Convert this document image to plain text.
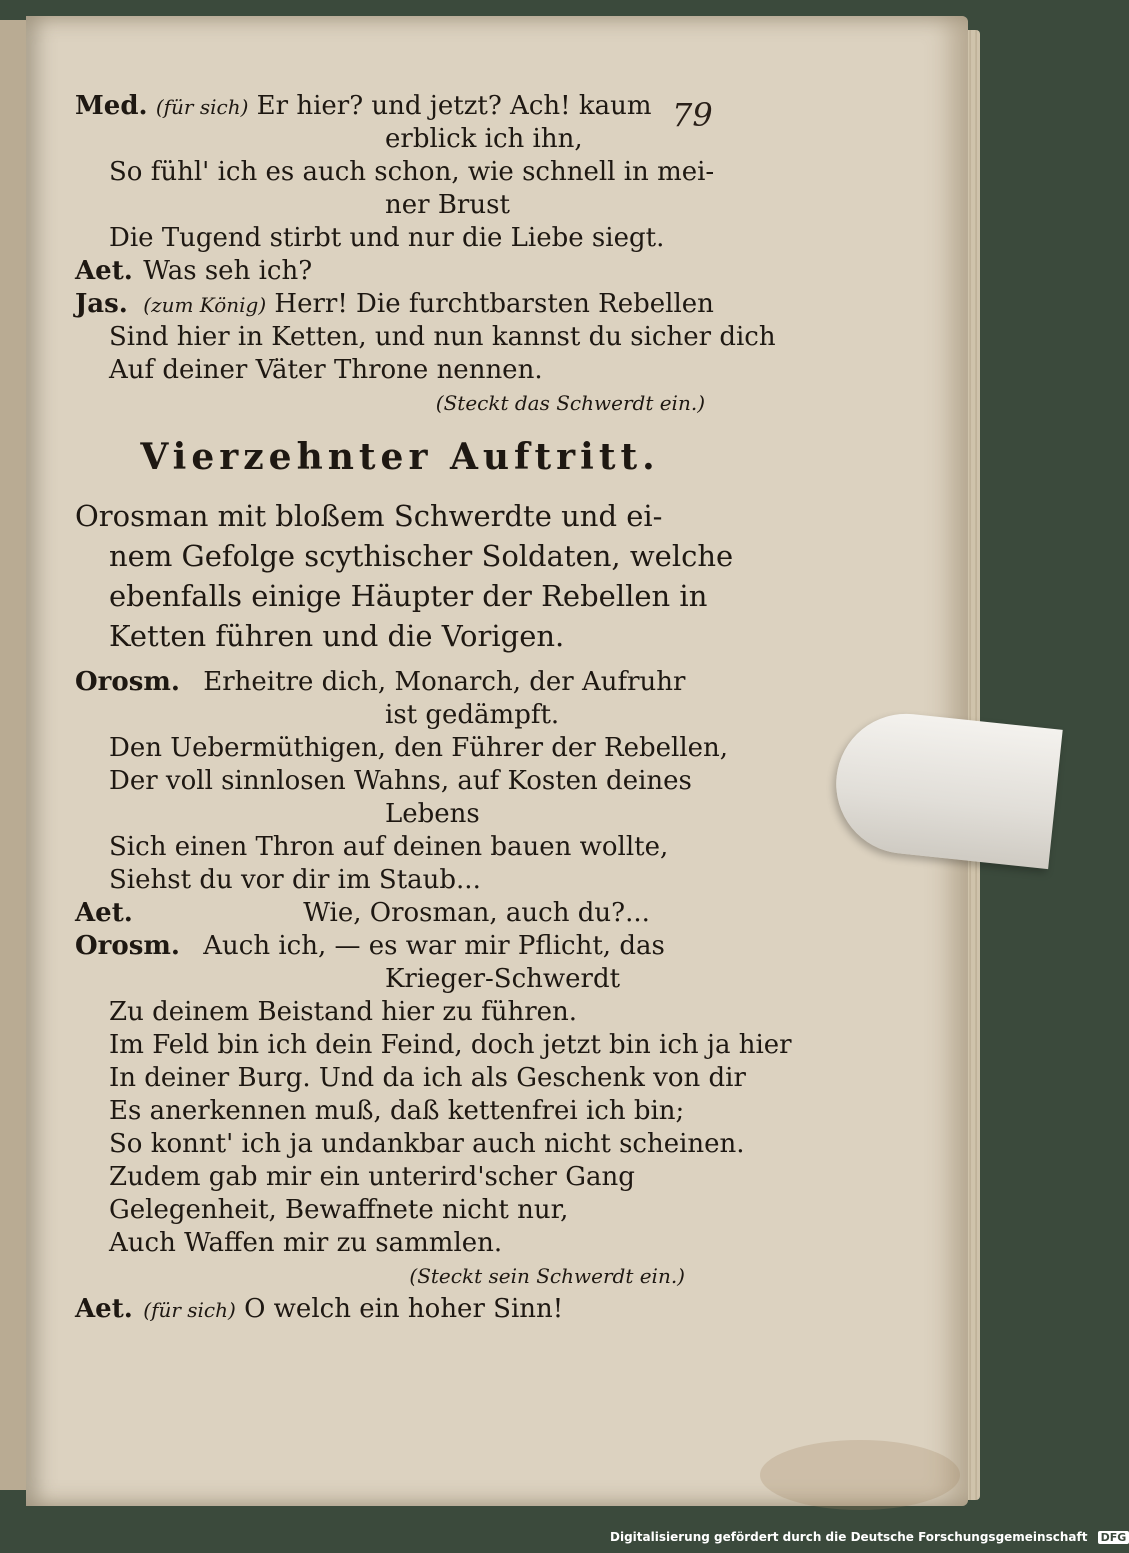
79
Med. (für sich) Er hier? und jetzt? Ach! kaum
erblick ich ihn,
So fühl' ich es auch schon, wie schnell in mei-
ner Brust
Die Tugend stirbt und nur die Liebe siegt.
Aet. Was seh ich?
Jas. (zum König) Herr! Die furchtbarsten Rebellen
Sind hier in Ketten, und nun kannst du sicher dich
Auf deiner Väter Throne nennen.
(Steckt das Schwerdt ein.)
Vierzehnter Auftritt.
Orosman mit bloßem Schwerdte und ei-
nem Gefolge scythischer Soldaten, welche
ebenfalls einige Häupter der Rebellen in
Ketten führen und die Vorigen.
Orosm. Erheitre dich, Monarch, der Aufruhr
ist gedämpft.
Den Uebermüthigen, den Führer der Rebellen,
Der voll sinnlosen Wahns, auf Kosten deines
Lebens
Sich einen Thron auf deinen bauen wollte,
Siehst du vor dir im Staub...
Aet.	Wie, Orosman, auch du?...
Orosm. Auch ich, — es war mir Pflicht, das
Krieger-Schwerdt
Zu deinem Beistand hier zu führen.
Im Feld bin ich dein Feind, doch jetzt bin ich ja hier
In deiner Burg. Und da ich als Geschenk von dir
Es anerkennen muß, daß kettenfrei ich bin;
So konnt' ich ja undankbar auch nicht scheinen.
Zudem gab mir ein unterird'scher Gang
Gelegenheit, Bewaffnete nicht nur,
Auch Waffen mir zu sammlen.
(Steckt sein Schwerdt ein.)
Aet. (für sich) O welch ein hoher Sinn!
Digitalisierung gefördert durch die Deutsche Forschungsgemeinschaft DFG
